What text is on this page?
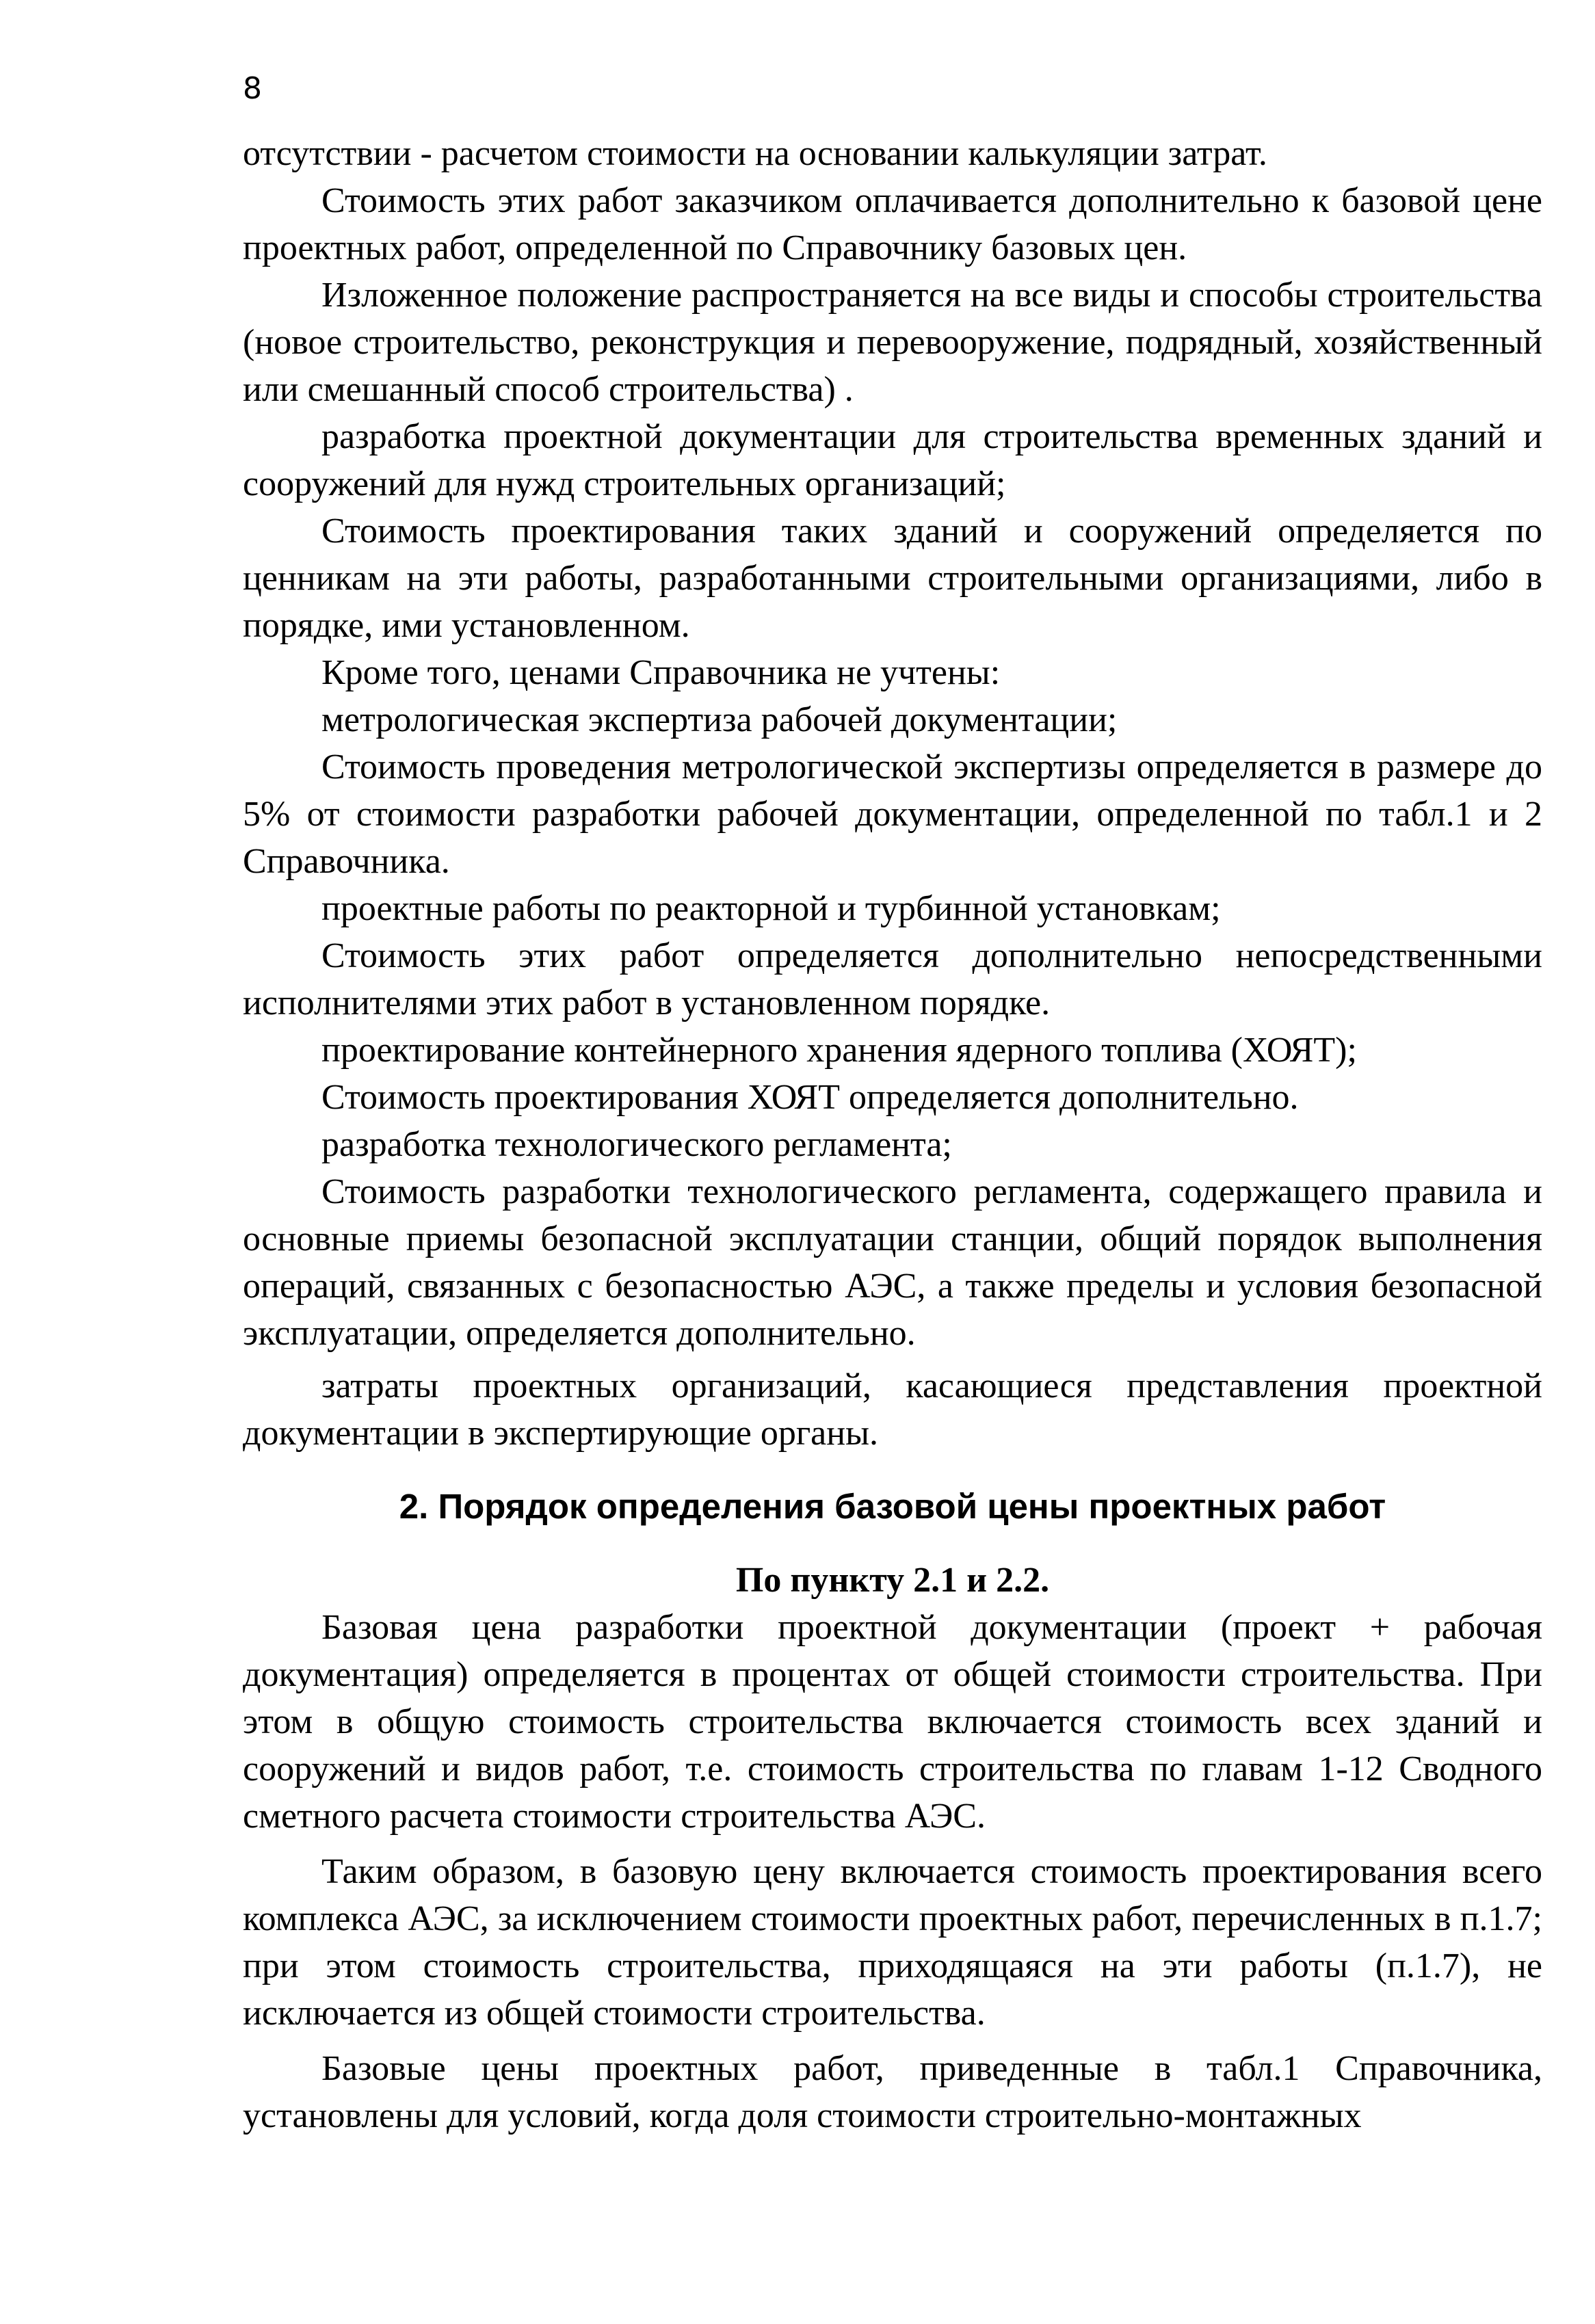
8

отсутствии - расчетом стоимости на основании калькуляции затрат.

Стоимость этих работ заказчиком оплачивается дополнительно к базовой цене проектных работ, определенной по Справочнику базовых цен.

Изложенное положение распространяется на все виды и способы строительства (новое строительство, реконструкция и перевооружение, подрядный, хозяйственный или смешанный способ строительства) .

разработка проектной документации для строительства временных зданий и сооружений для нужд строительных организаций;

Стоимость проектирования таких зданий и сооружений определяется по ценникам на эти работы, разработанными строительными организациями, либо в порядке, ими установленном.

Кроме того, ценами Справочника не учтены:

метрологическая экспертиза рабочей документации;

Стоимость проведения метрологической экспертизы определяется в размере до 5% от стоимости разработки рабочей документации, определенной по табл.1 и 2 Справочника.

проектные работы по реакторной и турбинной установкам;

Стоимость этих работ определяется дополнительно непосредственными исполнителями этих работ в установленном порядке.

проектирование контейнерного хранения ядерного топлива (ХОЯТ);

Стоимость проектирования ХОЯТ определяется дополнительно.

разработка технологического регламента;

Стоимость разработки технологического регламента, содержащего правила и основные приемы безопасной эксплуатации станции, общий порядок выполнения операций, связанных с безопасностью АЭС, а также пределы и условия безопасной эксплуатации, определяется дополнительно.

затраты проектных организаций, касающиеся представления проектной документации в экспертирующие органы.

2. Порядок определения базовой цены проектных работ
По пункту 2.1 и 2.2.

Базовая цена разработки проектной документации (проект + рабочая документация) определяется в процентах от общей стоимости строительства. При этом в общую стоимость строительства включается стоимость всех зданий и сооружений и видов работ, т.е. стоимость строительства по главам 1-12 Сводного сметного расчета стоимости строительства АЭС.

Таким образом, в базовую цену включается стоимость проектирования всего комплекса АЭС, за исключением стоимости проектных работ, перечисленных в п.1.7; при этом стоимость строительства, приходящаяся на эти работы (п.1.7), не исключается из общей стоимости строительства.

Базовые цены проектных работ, приведенные в табл.1 Справочника, установлены для условий, когда доля стоимости строительно-монтажных
